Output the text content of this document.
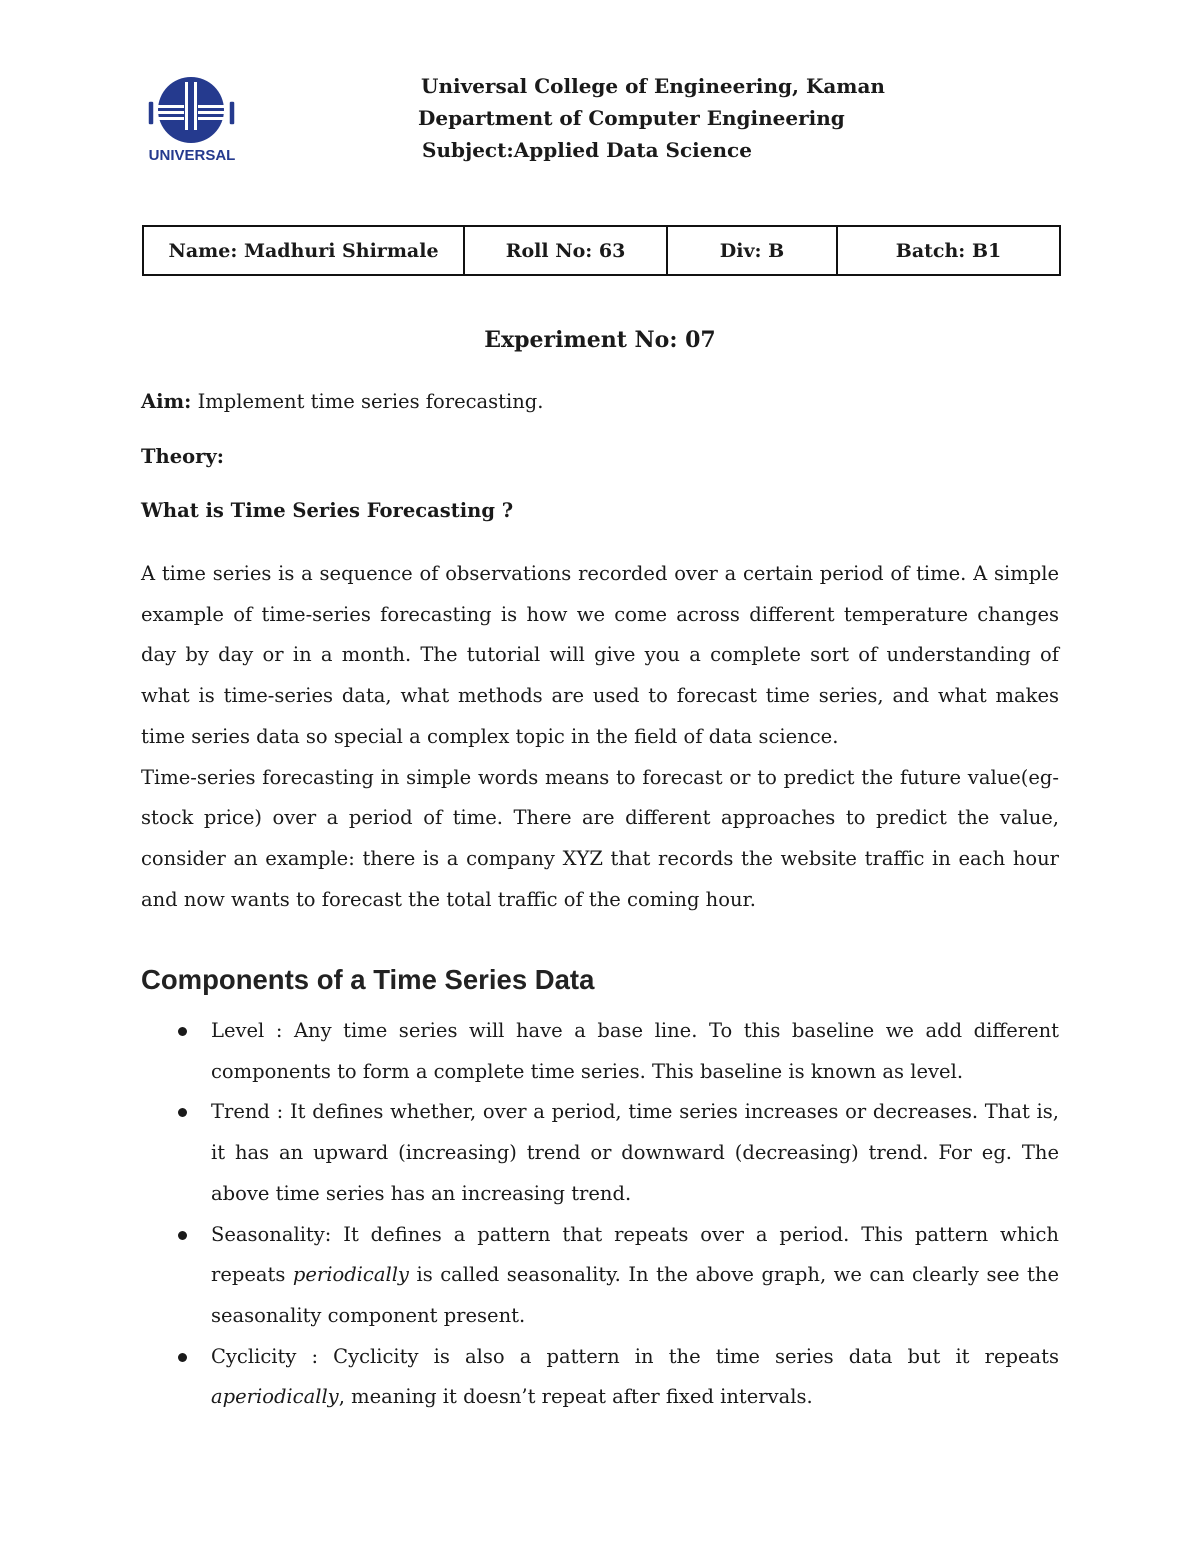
UNIVERSAL
Universal College of Engineering, Kaman
Department of Computer Engineering
Subject:Applied Data Science
Name: Madhuri Shirmale	Roll No: 63	Div: B	Batch: B1
Experiment No: 07
Aim: Implement time series forecasting.
Theory:
What is Time Series Forecasting ?

A time series is a sequence of observations recorded over a certain period of time. A simple example of time-series forecasting is how we come across different temperature changes day by day or in a month. The tutorial will give you a complete sort of understanding of what is time-series data, what methods are used to forecast time series, and what makes time series data so special a complex topic in the field of data science.

Time-series forecasting in simple words means to forecast or to predict the future value(eg-stock price) over a period of time. There are different approaches to predict the value, consider an example: there is a company XYZ that records the website traffic in each hour and now wants to forecast the total traffic of the coming hour.

Components of a Time Series Data
Level : Any time series will have a base line. To this baseline we add different components to form a complete time series. This baseline is known as level.
Trend : It defines whether, over a period, time series increases or decreases. That is, it has an upward (increasing) trend or downward (decreasing) trend. For eg. The above time series has an increasing trend.
Seasonality: It defines a pattern that repeats over a period. This pattern which repeats periodically is called seasonality. In the above graph, we can clearly see the seasonality component present.
Cyclicity : Cyclicity is also a pattern in the time series data but it repeats aperiodically, meaning it doesn’t repeat after fixed intervals.
